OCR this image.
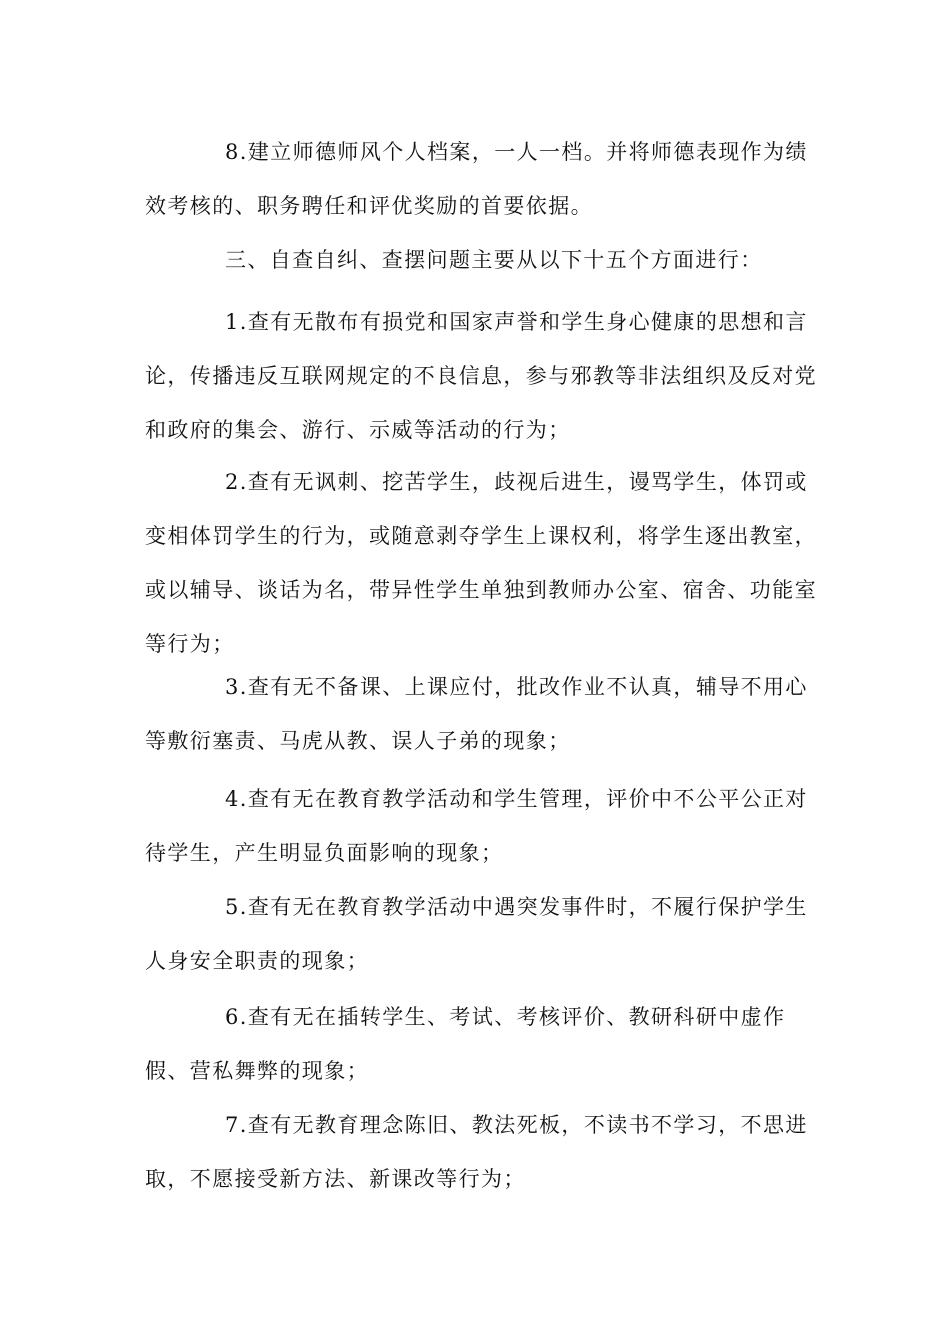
8.建立师德师风个人档案，一人一档。并将师德表现作为绩效考核的、职务聘任和评优奖励的首要依据。

三、自查自纠、查摆问题主要从以下十五个方面进行：

1.查有无散布有损党和国家声誉和学生身心健康的思想和言论，传播违反互联网规定的不良信息，参与邪教等非法组织及反对党和政府的集会、游行、示威等活动的行为；

2.查有无讽刺、挖苦学生，歧视后进生，谩骂学生，体罚或变相体罚学生的行为，或随意剥夺学生上课权利，将学生逐出教室，或以辅导、谈话为名，带异性学生单独到教师办公室、宿舍、功能室等行为；

3.查有无不备课、上课应付，批改作业不认真，辅导不用心等敷衍塞责、马虎从教、误人子弟的现象；

4.查有无在教育教学活动和学生管理，评价中不公平公正对待学生，产生明显负面影响的现象；

5.查有无在教育教学活动中遇突发事件时，不履行保护学生人身安全职责的现象；

6.查有无在插转学生、考试、考核评价、教研科研中虚作假、营私舞弊的现象；

7.查有无教育理念陈旧、教法死板，不读书不学习，不思进取，不愿接受新方法、新课改等行为；
